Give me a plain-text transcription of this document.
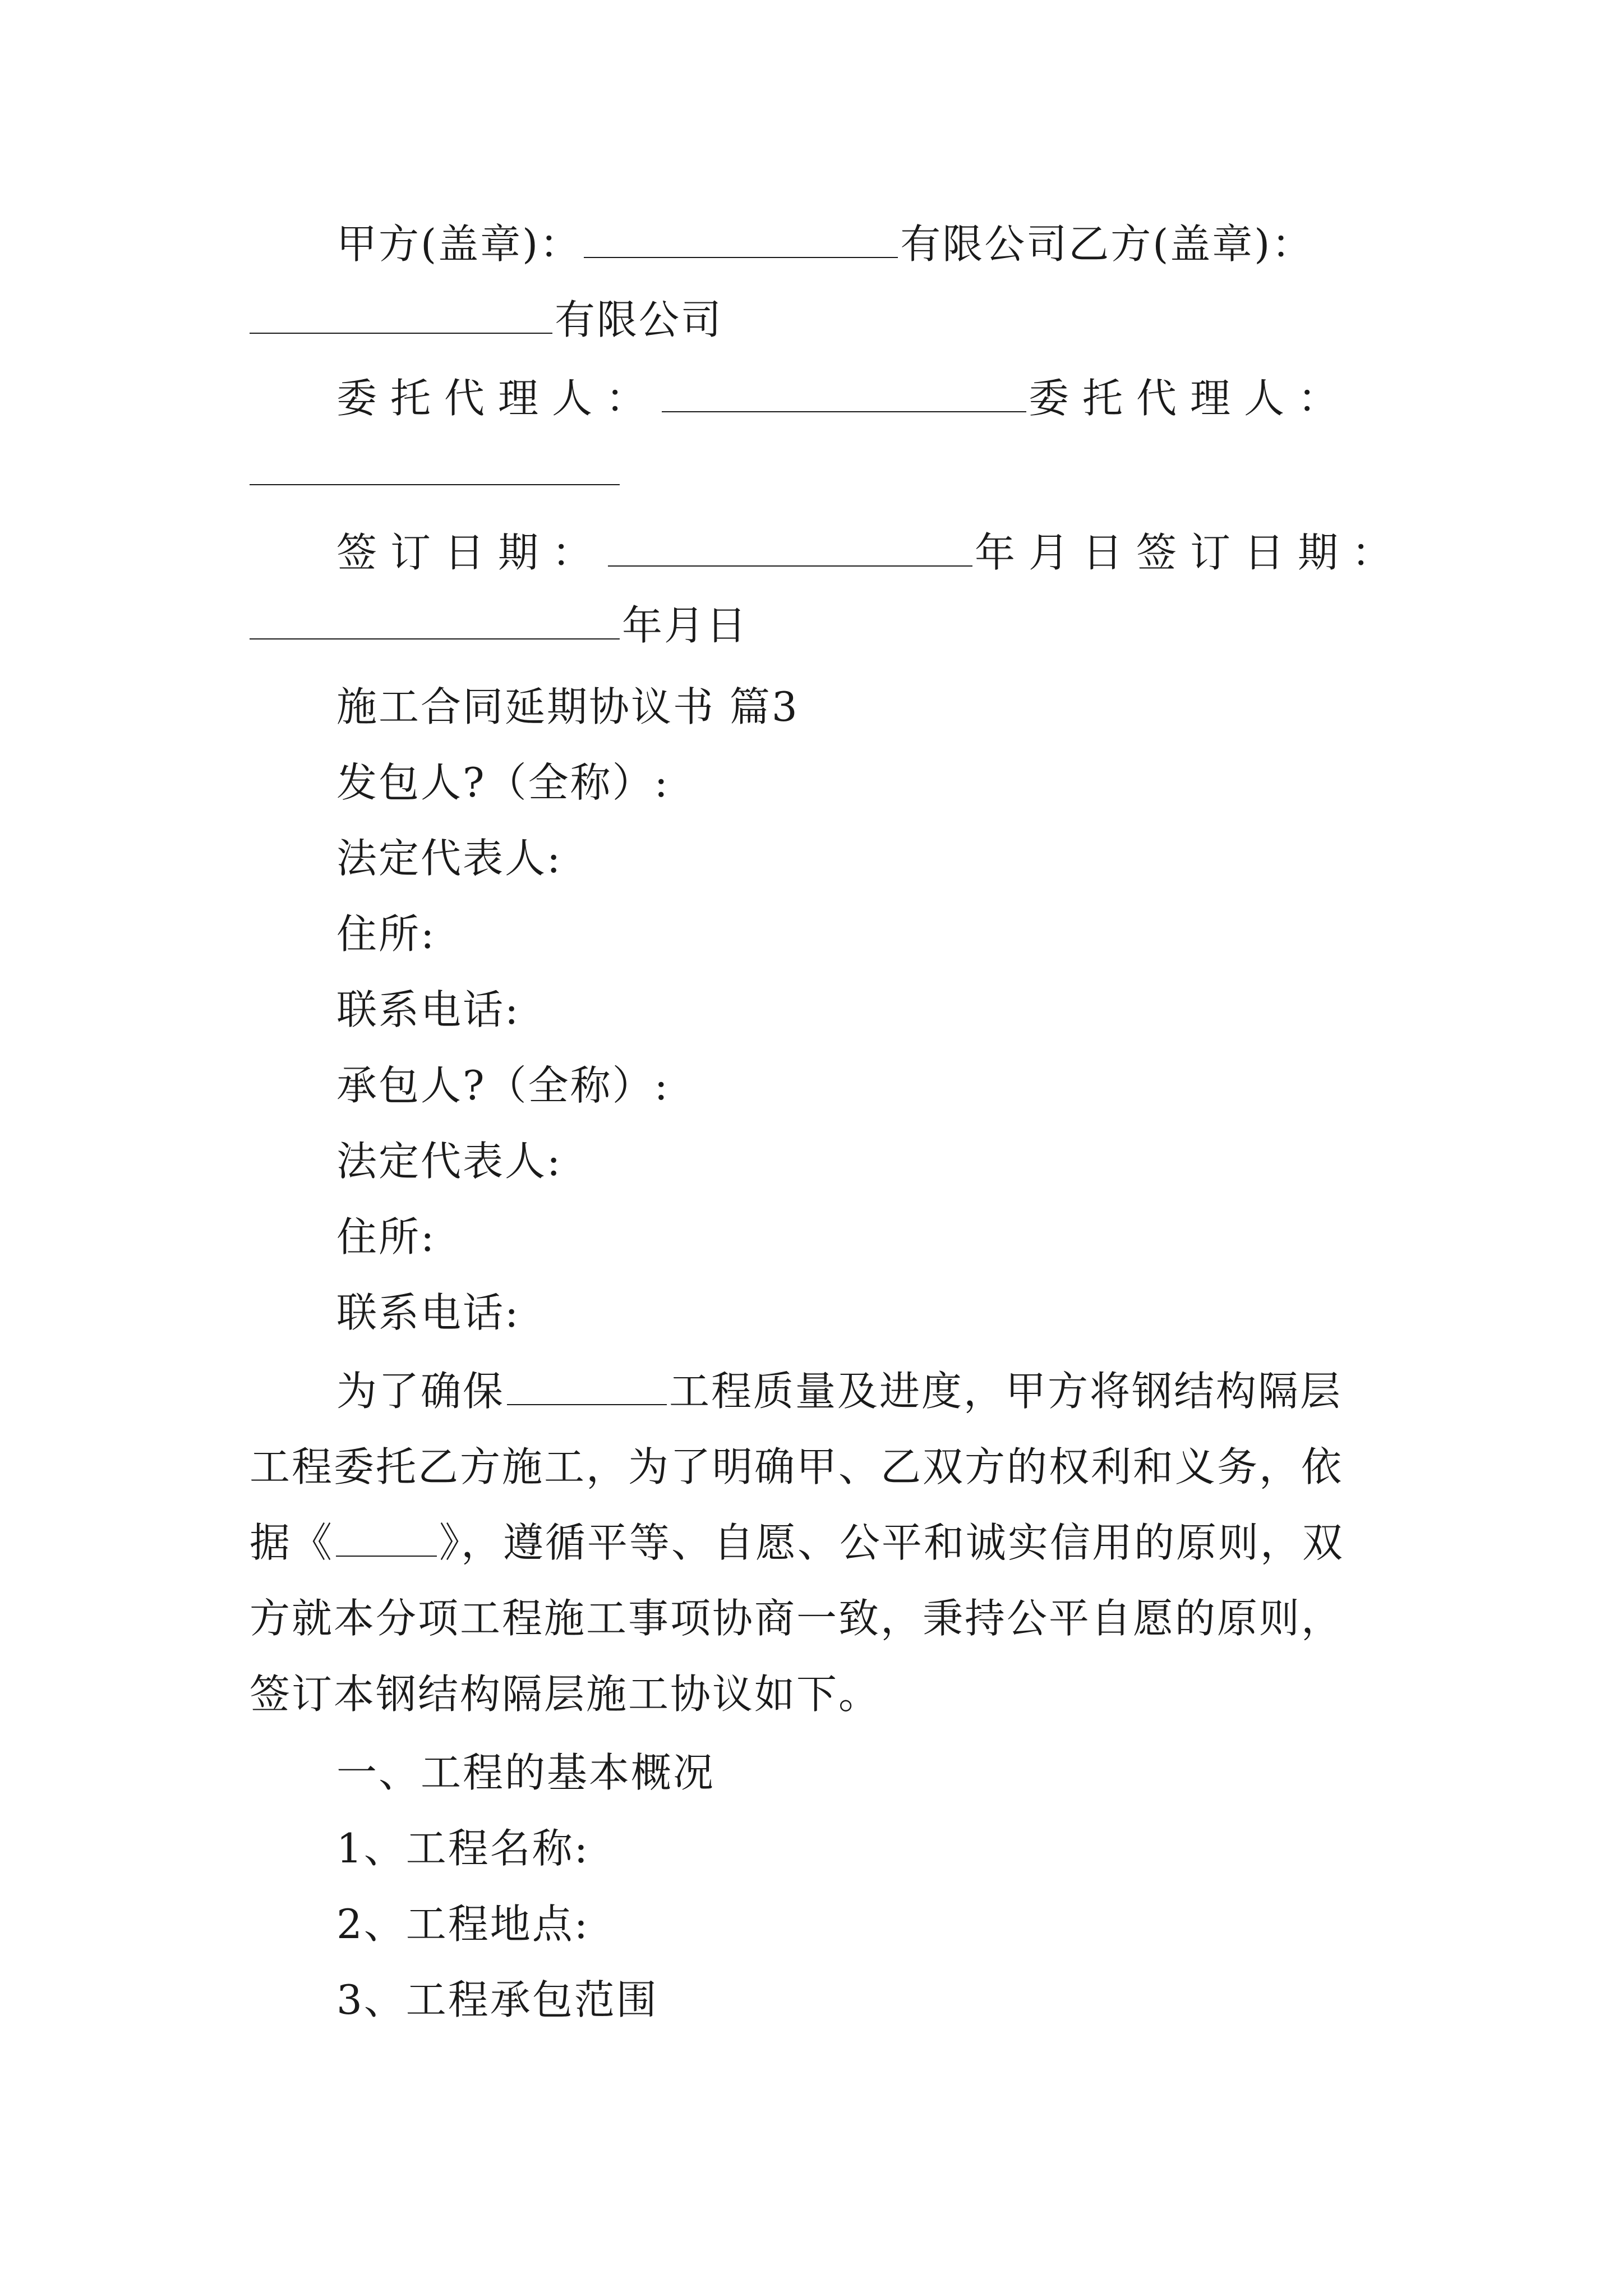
甲方(盖章)：	有限公司乙方(盖章)：
有限公司
委托代理人：	委托代理人：
签订日期：	年月日签订日期：
年月日
施工合同延期协议书 篇3
发包人?（全称）:
法定代表人:
住所:
联系电话:
承包人?（全称）:
法定代表人:
住所:
联系电话:
为了确保	工程质量及进度，甲方将钢结构隔层
工程委托乙方施工，为了明确甲、乙双方的权利和义务，依
据《	》，遵循平等、自愿、公平和诚实信用的原则，双
方就本分项工程施工事项协商一致，秉持公平自愿的原则，
签订本钢结构隔层施工协议如下。
一、工程的基本概况
1、工程名称:
2、工程地点:
3、工程承包范围
